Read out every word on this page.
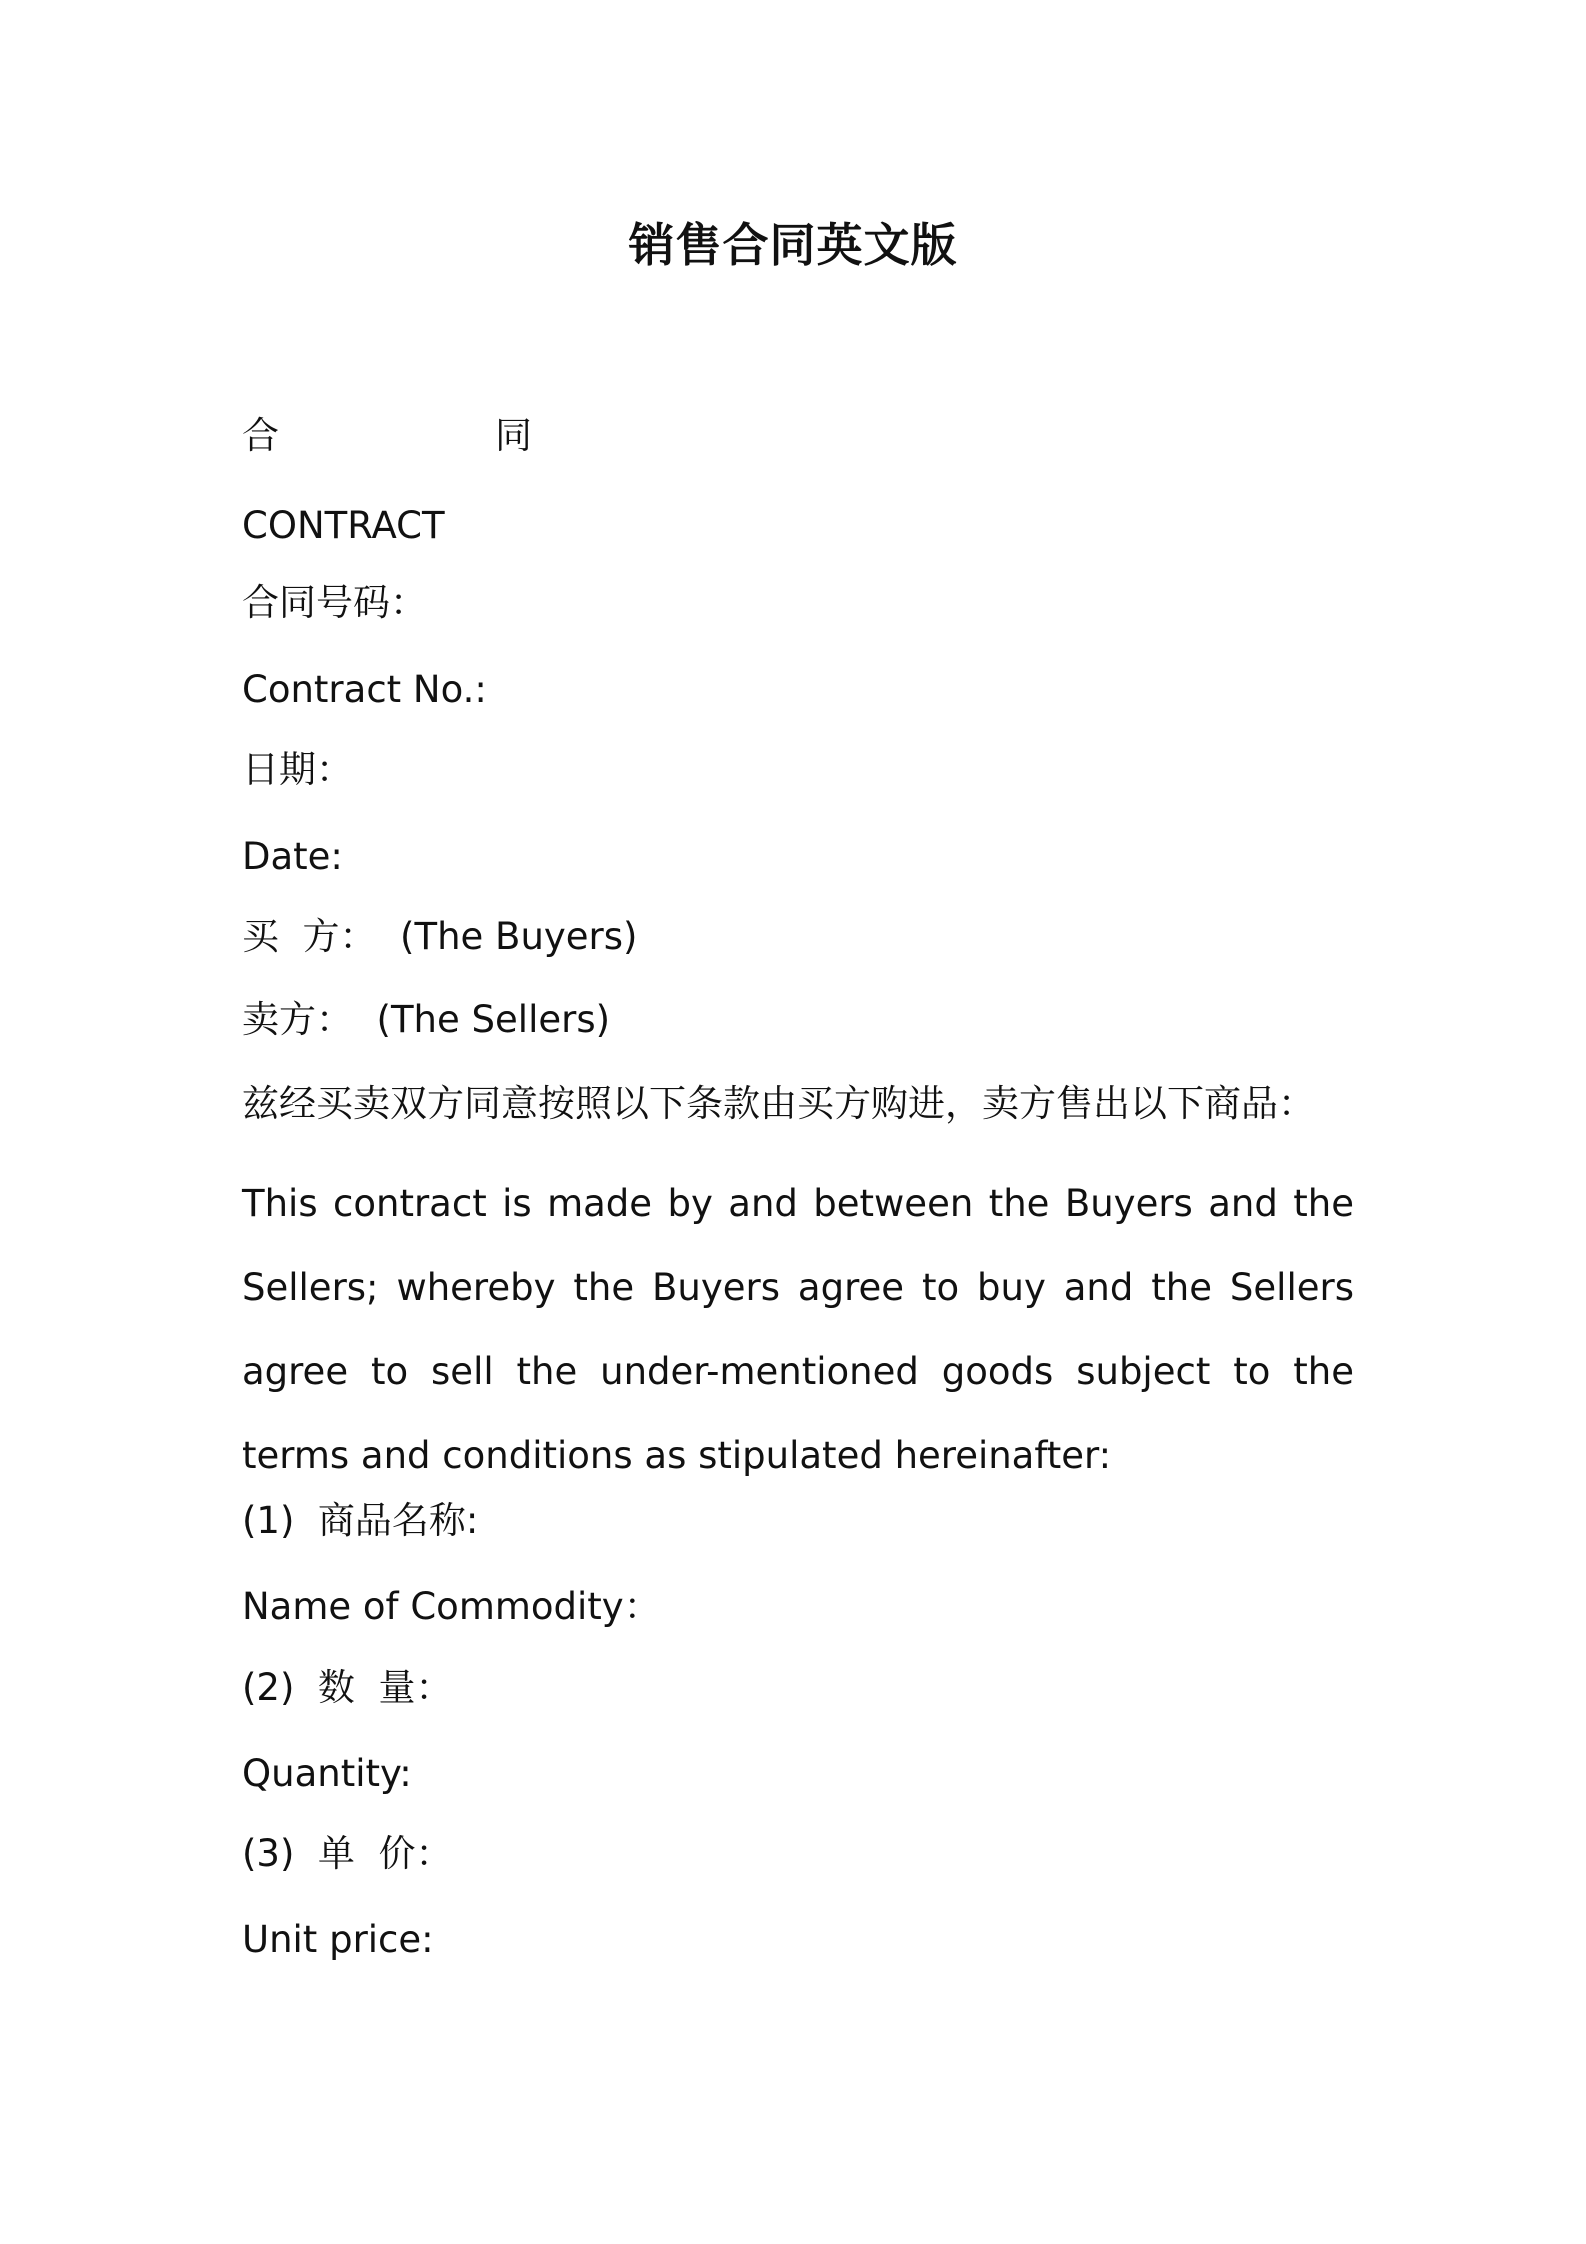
销售合同英文版
合	同

CONTRACT

合同号码：

Contract No.:

日期：

Date:

买  方：  (The Buyers)

卖方：  (The Sellers)

兹经买卖双方同意按照以下条款由买方购进，卖方售出以下商品：

This contract is made by and between the Buyers and the Sellers; whereby the Buyers agree to buy and the Sellers agree to sell the under-mentioned goods subject to the terms and conditions as stipulated hereinafter:

(1)  商品名称:

Name of Commodity：

(2)  数  量：

Quantity:

(3)  单  价：

Unit price:
